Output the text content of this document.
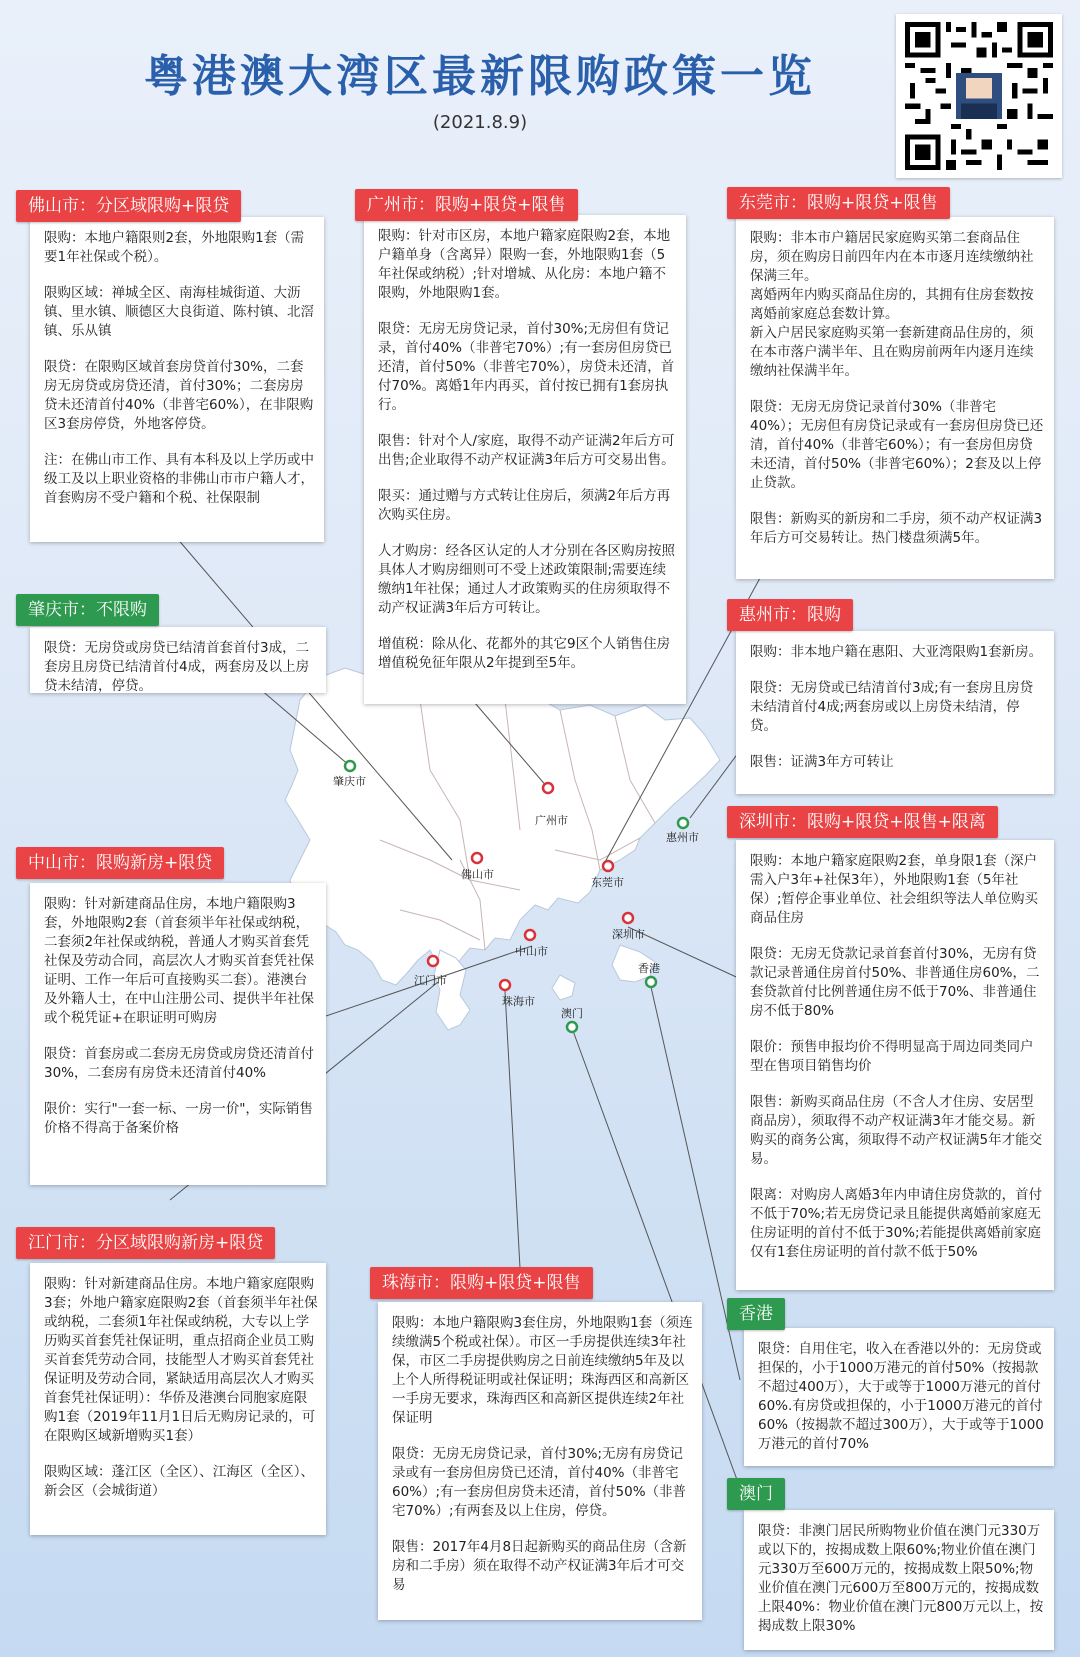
粤港澳大湾区最新限购政策一览
(2021.8.9)
肇庆市
广州市
惠州市
佛山市
东莞市
深圳市
中山市
江门市
珠海市
香港
澳门

限购：本地户籍限则2套，外地限购1套（需要1年社保或个税）。

限购区域：禅城全区、南海桂城街道、大沥镇、里水镇、顺德区大良街道、陈村镇、北滘镇、乐从镇

限贷：在限购区域首套房贷首付30%，二套房无房贷或房贷还清，首付30%；二套房房贷未还清首付40%（非普宅60%），在非限购区3套房停贷，外地客停贷。

注：在佛山市工作、具有本科及以上学历或中级工及以上职业资格的非佛山市市户籍人才，首套购房不受户籍和个税、社保限制

佛山市：分区域限购+限贷

限购：针对市区房，本地户籍家庭限购2套，本地户籍单身（含离异）限购一套，外地限购1套（5年社保或纳税）;针对增城、从化房：本地户籍不限购，外地限购1套。

限贷：无房无房贷记录，首付30%;无房但有贷记录，首付40%（非普宅70%）;有一套房但房贷已还清，首付50%（非普宅70%），房贷未还清，首付70%。离婚1年内再买，首付按已拥有1套房执行。

限售：针对个人/家庭，取得不动产证满2年后方可出售;企业取得不动产权证满3年后方可交易出售。

限买：通过赠与方式转让住房后，须满2年后方再次购买住房。

人才购房：经各区认定的人才分别在各区购房按照具体人才购房细则可不受上述政策限制;需要连续缴纳1年社保；通过人才政策购买的住房须取得不动产权证满3年后方可转让。

增值税：除从化、花都外的其它9区个人销售住房增值税免征年限从2年提到至5年。

广州市：限购+限贷+限售

限购：非本市户籍居民家庭购买第二套商品住房，须在购房日前四年内在本市逐月连续缴纳社保满三年。
离婚两年内购买商品住房的，其拥有住房套数按离婚前家庭总套数计算。
新入户居民家庭购买第一套新建商品住房的，须在本市落户满半年、且在购房前两年内逐月连续缴纳社保满半年。

限贷：无房无房贷记录首付30%（非普宅40%）；无房但有房贷记录或有一套房但房贷已还清，首付40%（非普宅60%）；有一套房但房贷未还清，首付50%（非普宅60%）；2套及以上停止贷款。

限售：新购买的新房和二手房，须不动产权证满3年后方可交易转让。热门楼盘须满5年。

东莞市：限购+限贷+限售

限贷：无房贷或房贷已结清首套首付3成，二套房且房贷已结清首付4成，两套房及以上房贷未结清，停贷。

肇庆市：不限购

限购：非本地户籍在惠阳、大亚湾限购1套新房。

限贷：无房贷或已结清首付3成;有一套房且房贷未结清首付4成;两套房或以上房贷未结清，停贷。

限售：证满3年方可转让

惠州市：限购

限购：本地户籍家庭限购2套，单身限1套（深户需入户3年+社保3年），外地限购1套（5年社保）;暂停企事业单位、社会组织等法人单位购买商品住房

限贷：无房无贷款记录首套首付30%，无房有贷款记录普通住房首付50%、非普通住房60%，二套贷款首付比例普通住房不低于70%、非普通住房不低于80%

限价：预售申报均价不得明显高于周边同类同户型在售项目销售均价

限售：新购买商品住房（不含人才住房、安居型商品房），须取得不动产权证满3年才能交易。新购买的商务公寓，须取得不动产权证满5年才能交易。

限离：对购房人离婚3年内申请住房贷款的，首付不低于70%;若无房贷记录且能提供离婚前家庭无住房证明的首付不低于30%;若能提供离婚前家庭仅有1套住房证明的首付款不低于50%

深圳市：限购+限贷+限售+限离

限购：针对新建商品住房，本地户籍限购3套，外地限购2套（首套须半年社保或纳税，二套须2年社保或纳税，普通人才购买首套凭社保及劳动合同，高层次人才购买首套凭社保证明、工作一年后可直接购买二套）。港澳台及外籍人士，在中山注册公司、提供半年社保或个税凭证+在职证明可购房

限贷：首套房或二套房无房贷或房贷还清首付30%，二套房有房贷未还清首付40%

限价：实行"一套一标、一房一价"，实际销售价格不得高于备案价格

中山市：限购新房+限贷

限购：针对新建商品住房。本地户籍家庭限购3套；外地户籍家庭限购2套（首套须半年社保或纳税，二套须1年社保或纳税，大专以上学历购买首套凭社保证明，重点招商企业员工购买首套凭劳动合同，技能型人才购买首套凭社保证明及劳动合同，紧缺适用高层次人才购买首套凭社保证明）：华侨及港澳台同胞家庭限购1套（2019年11月1日后无购房记录的，可在限购区域新增购买1套）

限购区域：蓬江区（全区）、江海区（全区）、新会区（会城街道）

江门市：分区域限购新房+限贷

限购：本地户籍限购3套住房，外地限购1套（须连续缴满5个税或社保）。市区一手房提供连续3年社保，市区二手房提供购房之日前连续缴纳5年及以上个人所得税证明或社保证明；珠海西区和高新区一手房无要求，珠海西区和高新区提供连续2年社保证明

限贷：无房无房贷记录，首付30%;无房有房贷记录或有一套房但房贷已还清，首付40%（非普宅60%）;有一套房但房贷未还清，首付50%（非普宅70%）;有两套及以上住房，停贷。

限售：2017年4月8日起新购买的商品住房（含新房和二手房）须在取得不动产权证满3年后才可交易

珠海市：限购+限贷+限售

限贷：自用住宅，收入在香港以外的：无房贷或担保的，小于1000万港元的首付50%（按揭款不超过400万），大于或等于1000万港元的首付60%.有房贷或担保的，小于1000万港元的首付60%（按揭款不超过300万），大于或等于1000万港元的首付70%

香港

限贷：非澳门居民所购物业价值在澳门元330万或以下的，按揭成数上限60%;物业价值在澳门元330万至600万元的，按揭成数上限50%;物业价值在澳门元600万至800万元的，按揭成数上限40%：物业价值在澳门元800万元以上，按揭成数上限30%

澳门
